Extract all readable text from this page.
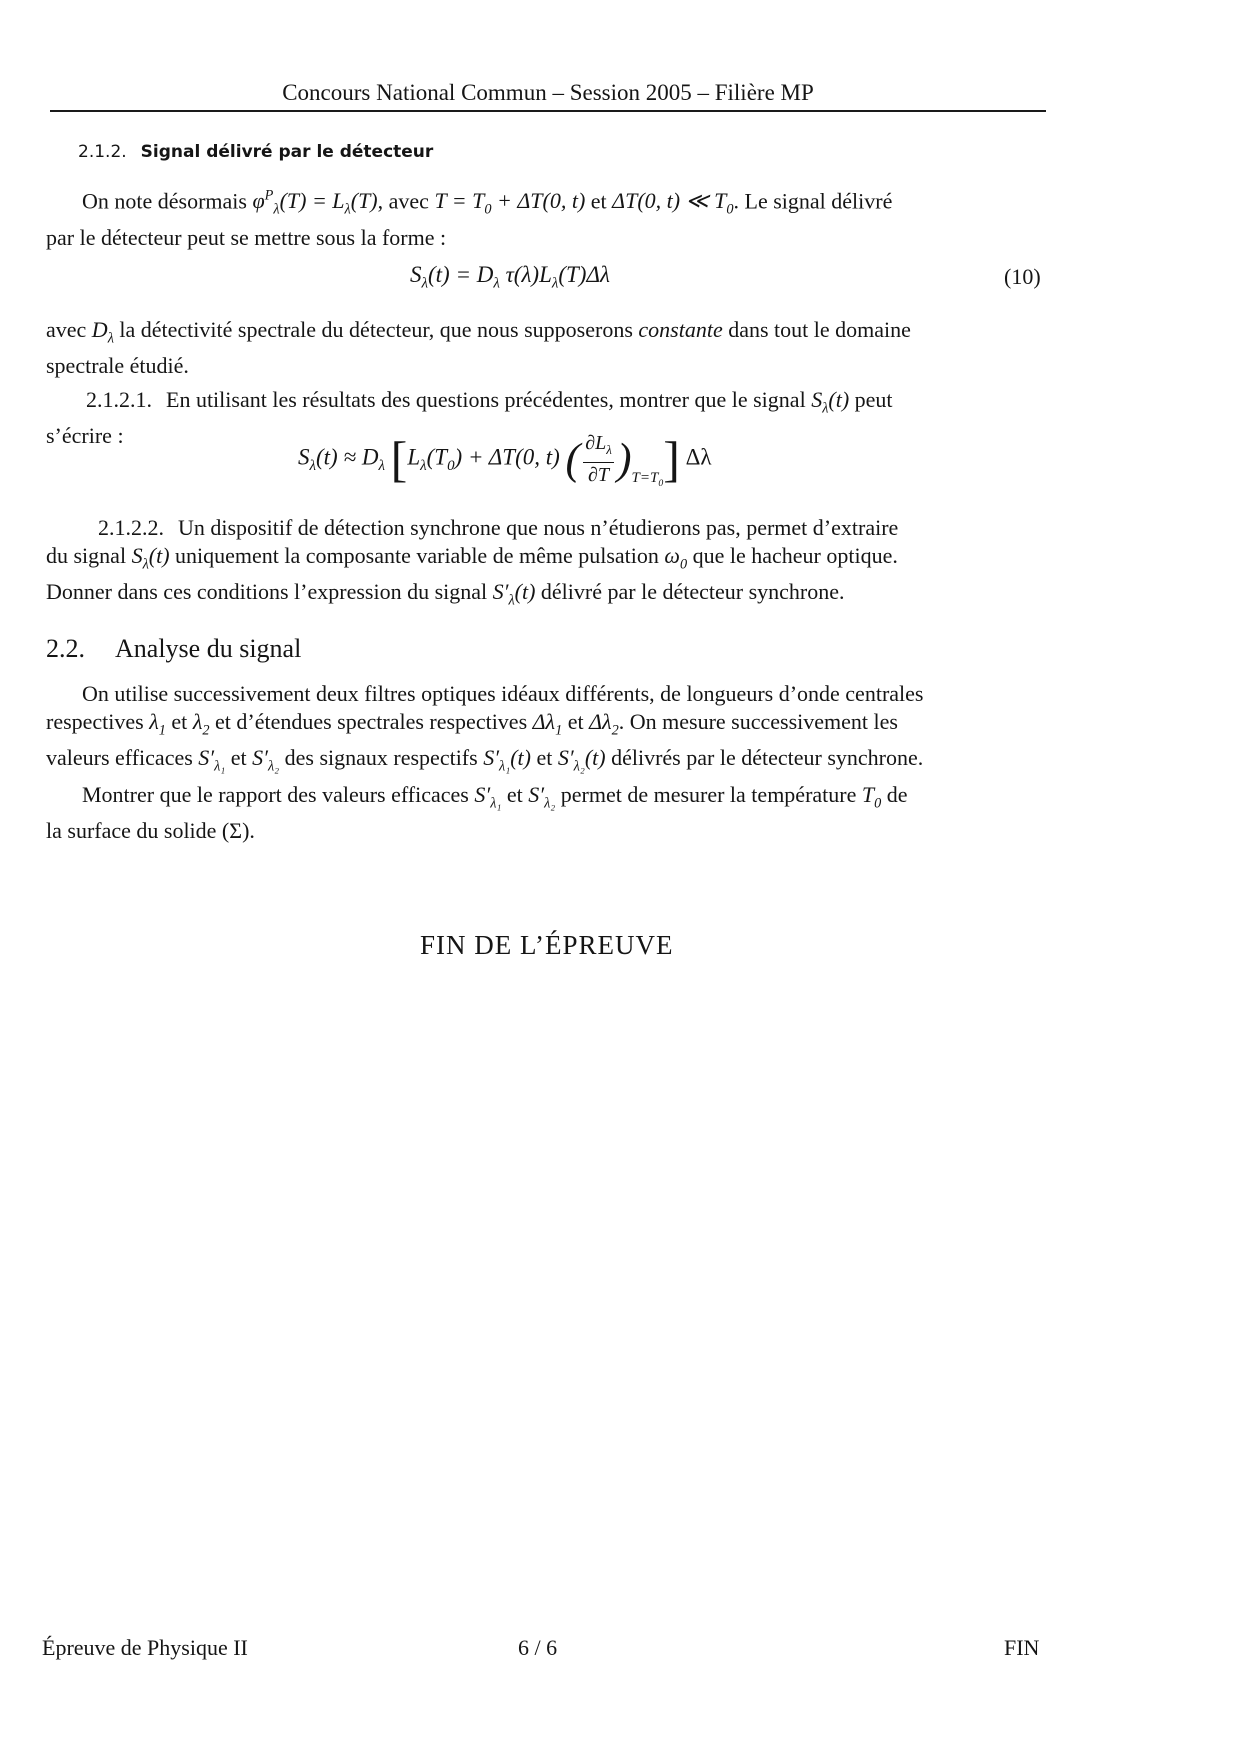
Concours National Commun – Session 2005 – Filière MP
2.1.2. Signal délivré par le détecteur
On note désormais $\varphi^P_\lambda(T) = L_\lambda(T)$, avec $T = T_0 + \Delta T(0$, t) et ΔT(0, t) ≪ $T_0$. Le signal délivré
par le détecteur peut se mettre sous la forme :
$S_\lambda(t) = D_\lambda$ $\tau(\lambda)L_\lambda(T)\Delta\lambda$	(10)
avec $D_\lambda$ la détectivité spectrale du détecteur, que nous supposerons constante dans tout le domaine
spectrale étudié.
2.1.2.1. En utilisant les résultats des questions précédentes, montrer que le signal $S_\lambda(t)$ peut
s’écrire :
$S_\lambda(t) \approx D_\lambda$ [$L_\lambda(T_0) + \Delta T(0$, t) ( $\frac{\partial L_\lambda}{\partial T} )_{T=T_0}$] Δλ
2.1.2.2. Un dispositif de détection synchrone que nous n’étudierons pas, permet d’extraire
du signal $S_\lambda(t)$ uniquement la composante variable de même pulsation $\omega_0$ que le hacheur optique.
Donner dans ces conditions l’expression du signal $S'_\lambda(t)$ délivré par le détecteur synchrone.
2.2. Analyse du signal
On utilise successivement deux filtres optiques idéaux différents, de longueurs d’onde centrales
respectives $\lambda_1$ et $\lambda_2$ et d’étendues spectrales respectives $\Delta\lambda_1$ et $\Delta\lambda_2$. On mesure successivement les
valeurs efficaces $S'_{\lambda_1}$ et $S'_{\lambda_2}$ des signaux respectifs $S'_{\lambda_1}(t)$ et $S'_{\lambda_2}(t)$ délivrés par le détecteur synchrone.
Montrer que le rapport des valeurs efficaces $S'_{\lambda_1}$ et $S'_{\lambda_2}$ permet de mesurer la température $T_0$ de
la surface du solide (Σ).
FIN DE L’ÉPREUVE
Épreuve de Physique II	6 / 6	FIN
